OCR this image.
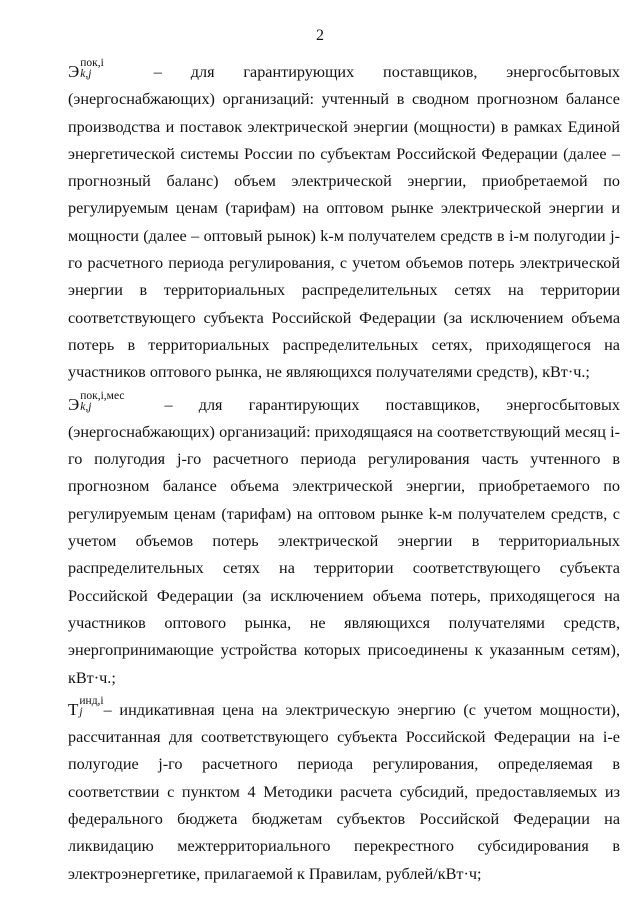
2
Э пок,i
k,j	– для гарантирующих поставщиков, энергосбытовых

(энергоснабжающих) организаций: учтенный в сводном прогнозном балансе производства и поставок электрической энергии (мощности) в рамках Единой энергетической системы России по субъектам Российской Федерации (далее – прогнозный баланс) объем электрической энергии, приобретаемой по регулируемым ценам (тарифам) на оптовом рынке электрической энергии и мощности (далее – оптовый рынок) k-м получателем средств в i-м полугодии j-го расчетного периода регулирования, с учетом объемов потерь электрической энергии в территориальных распределительных сетях на территории соответствующего субъекта Российской Федерации (за исключением объема потерь в территориальных распределительных сетях, приходящегося на участников оптового рынка, не являющихся получателями средств), кВт·ч.;

Э пок,i,мес
k,j	– для гарантирующих поставщиков, энергосбытовых

(энергоснабжающих) организаций: приходящаяся на соответствующий месяц i-го полугодия j-го расчетного периода регулирования часть учтенного в прогнозном балансе объема электрической энергии, приобретаемого по регулируемым ценам (тарифам) на оптовом рынке k-м получателем средств, с учетом объемов потерь электрической энергии в территориальных распределительных сетях на территории соответствующего субъекта Российской Федерации (за исключением объема потерь, приходящегося на участников оптового рынка, не являющихся получателями средств, энергопринимающие устройства которых присоединены к указанным сетям), кВт·ч.;

T инд,i
j	– индикативная цена на электрическую энергию (с учетом мощности), рассчитанная для соответствующего субъекта Российской Федерации на i-е полугодие j-го расчетного периода регулирования, определяемая в соответствии с пунктом 4 Методики расчета субсидий, предоставляемых из федерального бюджета бюджетам субъектов Российской Федерации на ликвидацию межтерриториального перекрестного субсидирования в электроэнергетике, прилагаемой к Правилам, рублей/кВт·ч;
